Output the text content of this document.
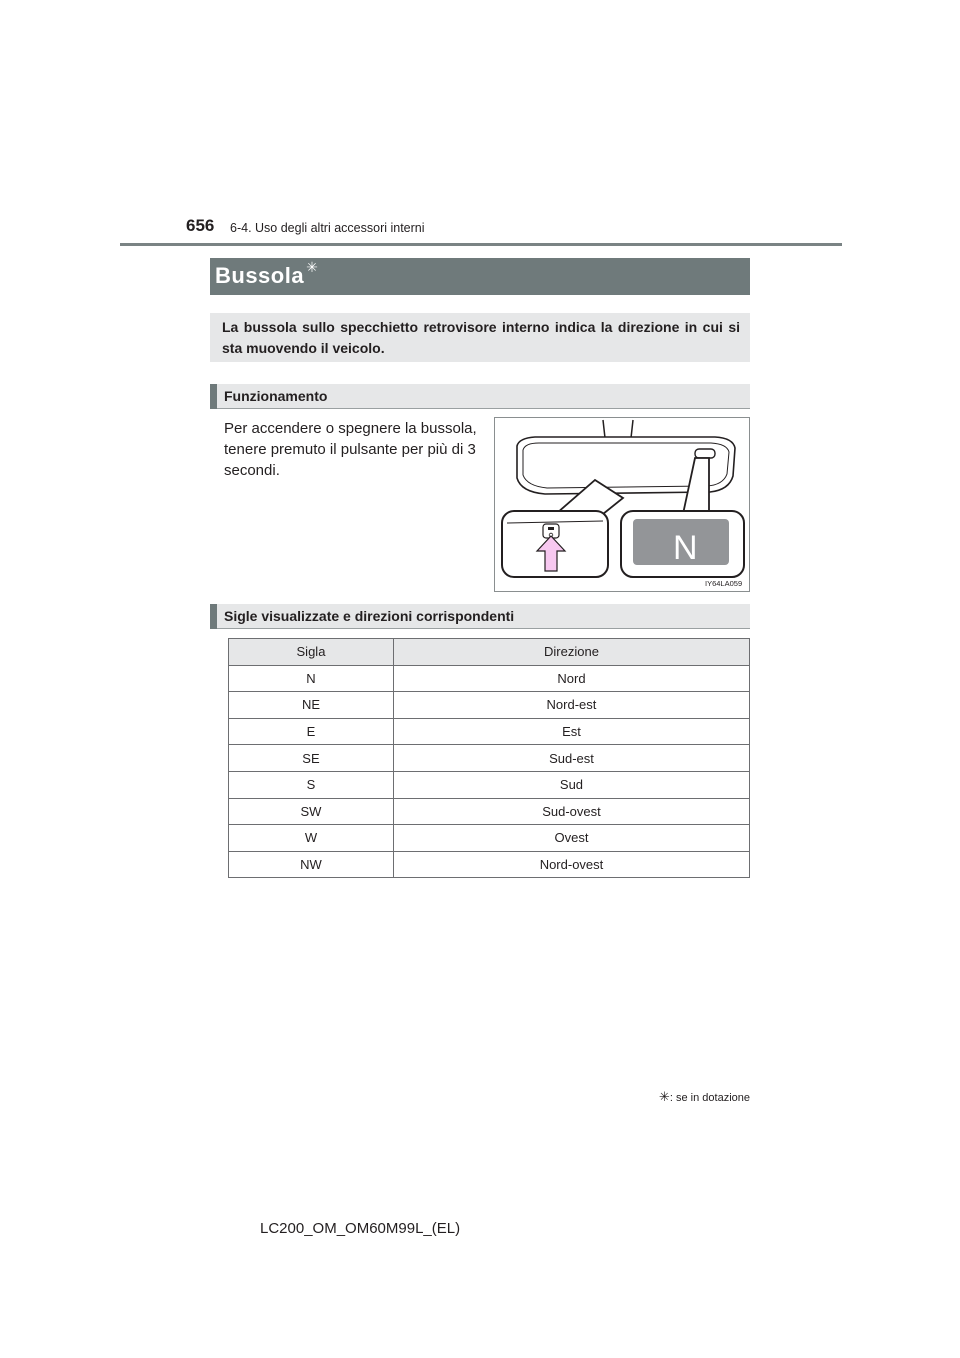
656 6-4. Uso degli altri accessori interni
Bussola ✳
La bussola sullo specchietto retrovisore interno indica la direzione in cui si sta muovendo il veicolo.
Funzionamento
Per accendere o spegnere la bussola, tenere premuto il pulsante per più di 3 secondi.
N
IY64LA059
Sigle visualizzate e direzioni corrispondenti
Sigla	Direzione
N	Nord
NE	Nord-est
E	Est
SE	Sud-est
S	Sud
SW	Sud-ovest
W	Ovest
NW	Nord-ovest
✳: se in dotazione
LC200_OM_OM60M99L_(EL)
